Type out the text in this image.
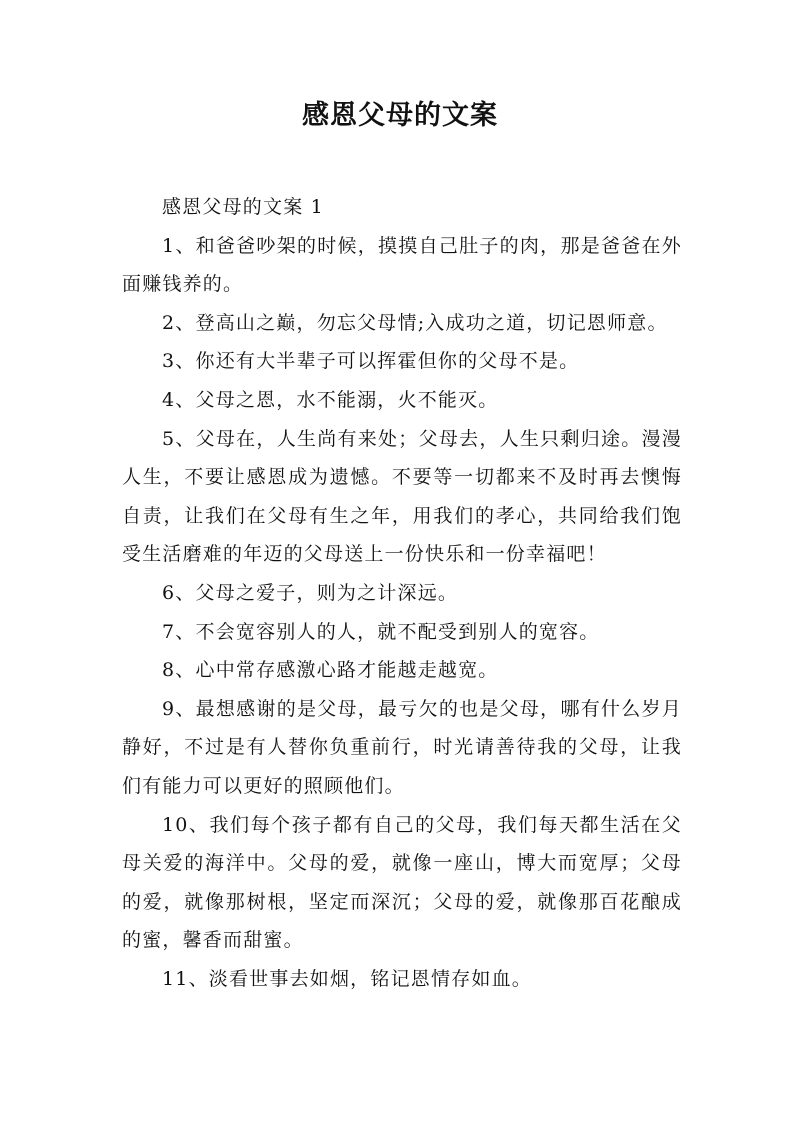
感恩父母的文案

感恩父母的文案 1

1、和爸爸吵架的时候，摸摸自己肚子的肉，那是爸爸在外面赚钱养的。

2、登高山之巅，勿忘父母情;入成功之道，切记恩师意。

3、你还有大半辈子可以挥霍但你的父母不是。

4、父母之恩，水不能溺，火不能灭。

5、父母在，人生尚有来处；父母去，人生只剩归途。漫漫人生，不要让感恩成为遗憾。不要等一切都来不及时再去懊悔自责，让我们在父母有生之年，用我们的孝心，共同给我们饱受生活磨难的年迈的父母送上一份快乐和一份幸福吧！

6、父母之爱子，则为之计深远。

7、不会宽容别人的人，就不配受到别人的宽容。

8、心中常存感激心路才能越走越宽。

9、最想感谢的是父母，最亏欠的也是父母，哪有什么岁月静好，不过是有人替你负重前行，时光请善待我的父母，让我们有能力可以更好的照顾他们。

10、我们每个孩子都有自己的父母，我们每天都生活在父母关爱的海洋中。父母的爱，就像一座山，博大而宽厚；父母的爱，就像那树根，坚定而深沉；父母的爱，就像那百花酿成的蜜，馨香而甜蜜。

11、淡看世事去如烟，铭记恩情存如血。
